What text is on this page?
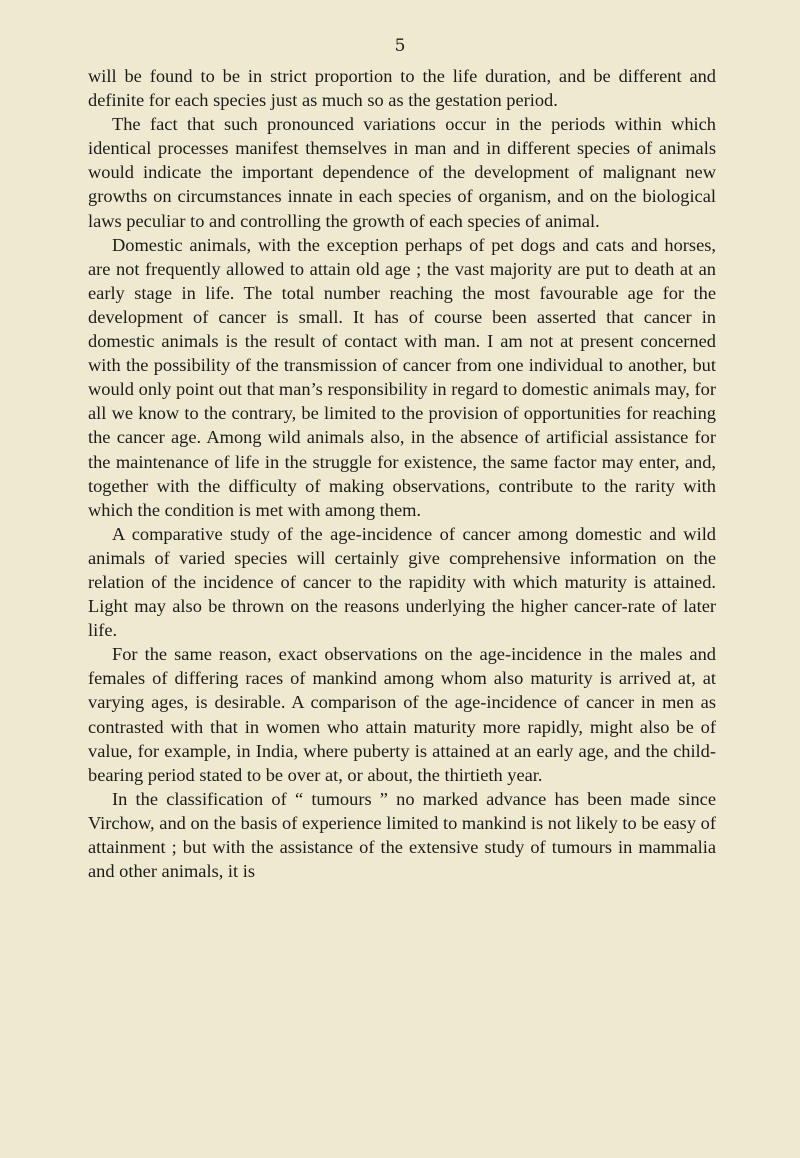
5

will be found to be in strict proportion to the life duration, and be different and definite for each species just as much so as the gestation period.

The fact that such pronounced variations occur in the periods within which identical processes manifest themselves in man and in different species of animals would indicate the important dependence of the development of malignant new growths on circumstances innate in each species of organism, and on the biological laws peculiar to and controlling the growth of each species of animal.

Domestic animals, with the exception perhaps of pet dogs and cats and horses, are not frequently allowed to attain old age ; the vast majority are put to death at an early stage in life. The total number reaching the most favourable age for the development of cancer is small. It has of course been asserted that cancer in domestic animals is the result of contact with man. I am not at present concerned with the possibility of the transmission of cancer from one individual to another, but would only point out that man’s responsibility in regard to domestic animals may, for all we know to the contrary, be limited to the provision of opportunities for reaching the cancer age. Among wild animals also, in the absence of artificial assistance for the maintenance of life in the struggle for existence, the same factor may enter, and, together with the difficulty of making observations, contribute to the rarity with which the condition is met with among them.

A comparative study of the age-incidence of cancer among domestic and wild animals of varied species will certainly give comprehensive information on the relation of the incidence of cancer to the rapidity with which maturity is attained. Light may also be thrown on the reasons underlying the higher cancer-rate of later life.

For the same reason, exact observations on the age-incidence in the males and females of differing races of mankind among whom also maturity is arrived at, at varying ages, is desirable. A comparison of the age-incidence of cancer in men as contrasted with that in women who attain maturity more rapidly, might also be of value, for example, in India, where puberty is attained at an early age, and the child-bearing period stated to be over at, or about, the thirtieth year.

In the classification of “ tumours ” no marked advance has been made since Virchow, and on the basis of experience limited to mankind is not likely to be easy of attainment ; but with the assistance of the extensive study of tumours in mammalia and other animals, it is
